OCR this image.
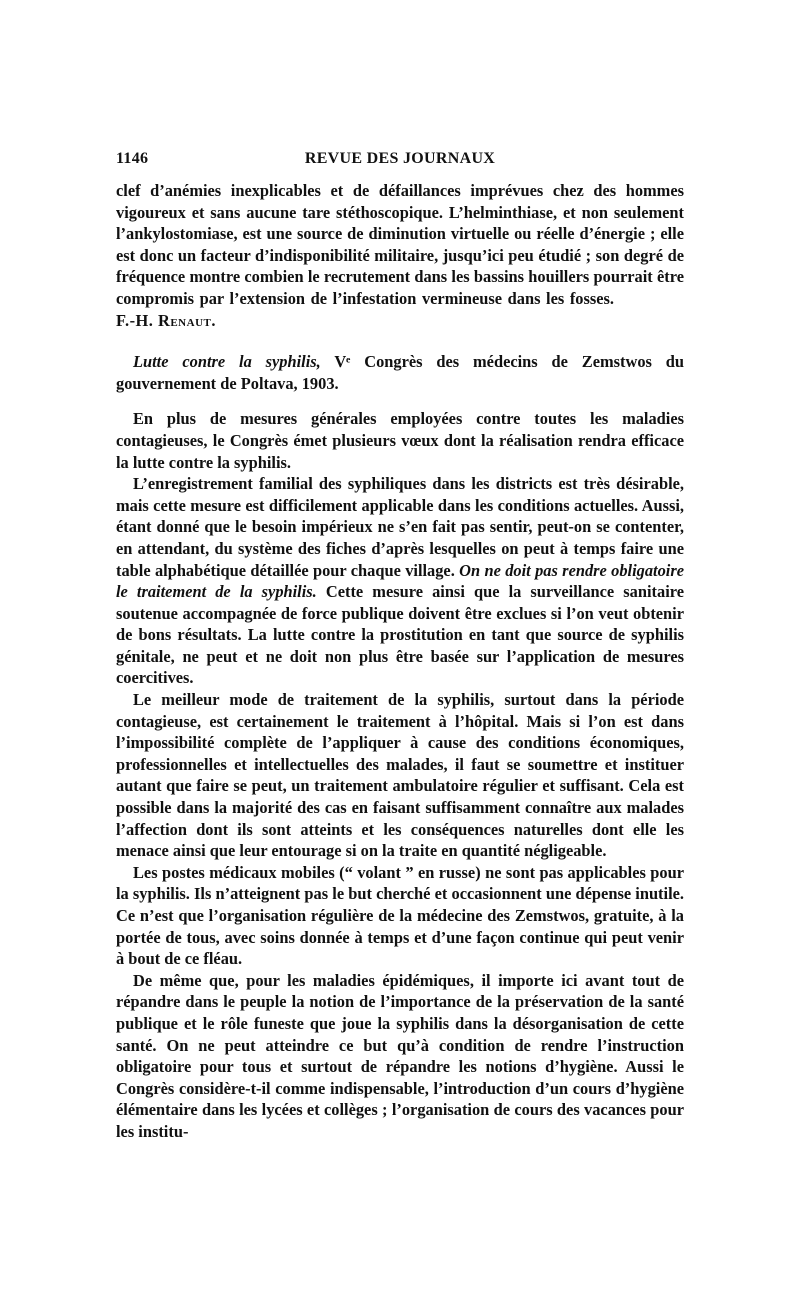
1146	REVUE DES JOURNAUX

clef d’anémies inexplicables et de défaillances imprévues chez des hommes vigoureux et sans aucune tare stéthoscopique. L’helminthiase, et non seulement l’ankylostomiase, est une source de diminution virtuelle ou réelle d’énergie ; elle est donc un facteur d’indisponibilité militaire, jusqu’ici peu étudié ; son degré de fréquence montre combien le recrutement dans les bassins houillers pourrait être compromis par l’extension de l’infestation vermineuse dans les fosses.F.-H. Renaut.

Lutte contre la syphilis, Vᵉ Congrès des médecins de Zemstwos du gouvernement de Poltava, 1903.

En plus de mesures générales employées contre toutes les maladies contagieuses, le Congrès émet plusieurs vœux dont la réalisation rendra efficace la lutte contre la syphilis.

L’enregistrement familial des syphiliques dans les districts est très désirable, mais cette mesure est difficilement applicable dans les conditions actuelles. Aussi, étant donné que le besoin impérieux ne s’en fait pas sentir, peut-on se contenter, en attendant, du système des fiches d’après lesquelles on peut à temps faire une table alphabétique détaillée pour chaque village. On ne doit pas rendre obligatoire le traitement de la syphilis. Cette mesure ainsi que la surveillance sanitaire soutenue accompagnée de force publique doivent être exclues si l’on veut obtenir de bons résultats. La lutte contre la prostitution en tant que source de syphilis génitale, ne peut et ne doit non plus être basée sur l’application de mesures coercitives.

Le meilleur mode de traitement de la syphilis, surtout dans la période contagieuse, est certainement le traitement à l’hôpital. Mais si l’on est dans l’impossibilité complète de l’appliquer à cause des conditions économiques, professionnelles et intellectuelles des malades, il faut se soumettre et instituer autant que faire se peut, un traitement ambulatoire régulier et suffisant. Cela est possible dans la majorité des cas en faisant suffisamment connaître aux malades l’affection dont ils sont atteints et les conséquences naturelles dont elle les menace ainsi que leur entourage si on la traite en quantité négligeable.

Les postes médicaux mobiles (“ volant ” en russe) ne sont pas applicables pour la syphilis. Ils n’atteignent pas le but cherché et occasionnent une dépense inutile. Ce n’est que l’organisation régulière de la médecine des Zemstwos, gratuite, à la portée de tous, avec soins donnée à temps et d’une façon continue qui peut venir à bout de ce fléau.

De même que, pour les maladies épidémiques, il importe ici avant tout de répandre dans le peuple la notion de l’importance de la préservation de la santé publique et le rôle funeste que joue la syphilis dans la désorganisation de cette santé. On ne peut atteindre ce but qu’à condition de rendre l’instruction obligatoire pour tous et surtout de répandre les notions d’hygiène. Aussi le Congrès considère-t-il comme indispensable, l’introduction d’un cours d’hygiène élémentaire dans les lycées et collèges ; l’organisation de cours des vacances pour les institu-
